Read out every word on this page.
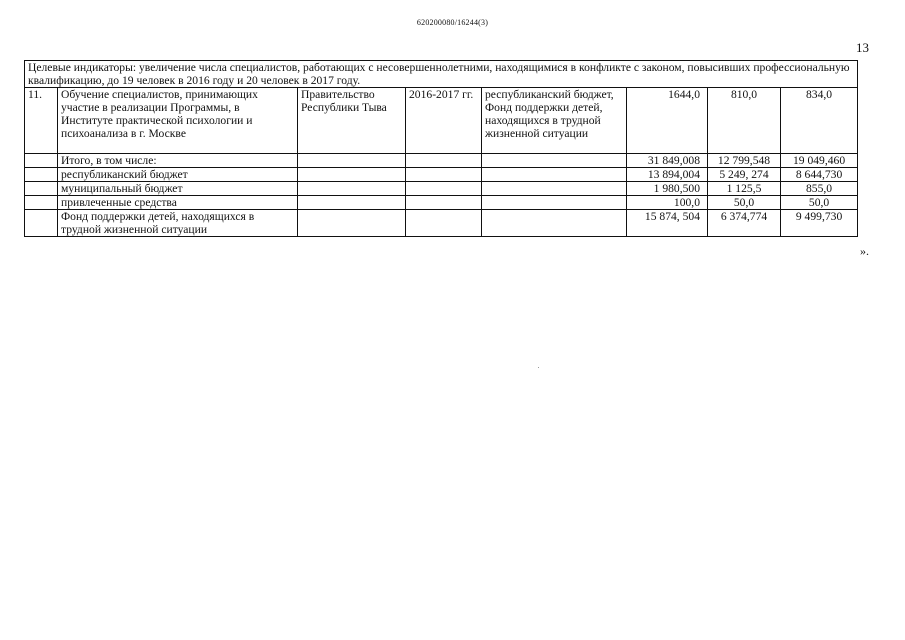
620200080/16244(3)
13
Целевые индикаторы: увеличение числа специалистов, работающих с несовершеннолетними, находящимися в конфликте с законом, повысивших профессиональную квалификацию, до 19 человек в 2016 году и 20 человек в 2017 году.							
11.	Обучение специалистов, принимающих участие в реализации Программы, в Институте практической психологии и психоанализа в г. Москве	Правительство Республики Тыва	2016-2017 гг.	республиканский бюджет, Фонд поддержки детей, находящихся в трудной жизненной ситуации	1644,0	810,0	834,0
	Итого, в том числе:				31 849,008	12 799,548	19 049,460
	республиканский бюджет				13 894,004	5 249, 274	8 644,730
	муниципальный бюджет				1 980,500	1 125,5	855,0
	привлеченные средства				100,0	50,0	50,0
	Фонд поддержки детей, находящихся в трудной жизненной ситуации				15 874, 504	6 374,774	9 499,730
».
